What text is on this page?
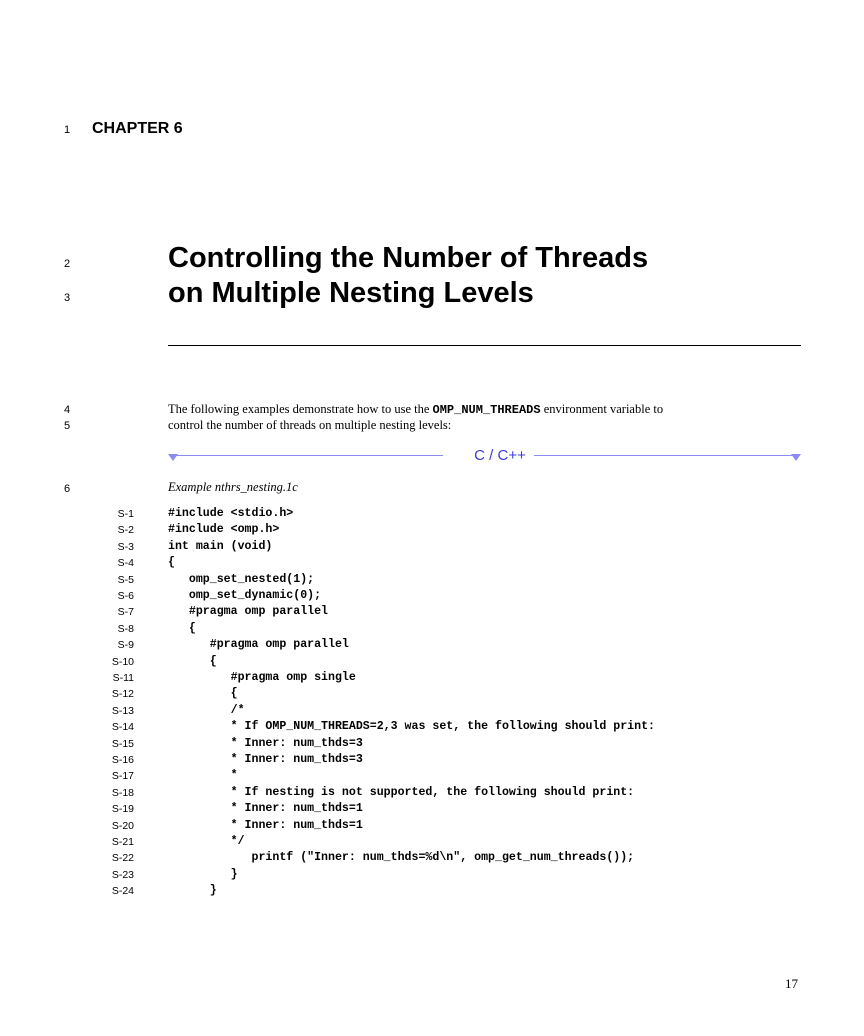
1 CHAPTER 6
2
3
Controlling the Number of Threads
on Multiple Nesting Levels
4
5
The following examples demonstrate how to use the OMP_NUM_THREADS environment variable to
control the number of threads on multiple nesting levels:
C / C++
6	Example nthrs_nesting.1c
S-1	#include <stdio.h>
S-2	#include <omp.h>
S-3	int main (void)
S-4	{
S-5	omp_set_nested(1);
S-6	omp_set_dynamic(0);
S-7	#pragma omp parallel
S-8	{
S-9	#pragma omp parallel
S-10	{
S-11	#pragma omp single
S-12	{
S-13	/*
S-14	* If OMP_NUM_THREADS=2,3 was set, the following should print:
S-15	* Inner: num_thds=3
S-16	* Inner: num_thds=3
S-17	*
S-18	* If nesting is not supported, the following should print:
S-19	* Inner: num_thds=1
S-20	* Inner: num_thds=1
S-21	*/
S-22	printf ("Inner: num_thds=%d\n", omp_get_num_threads());
S-23	}
S-24	}
17
